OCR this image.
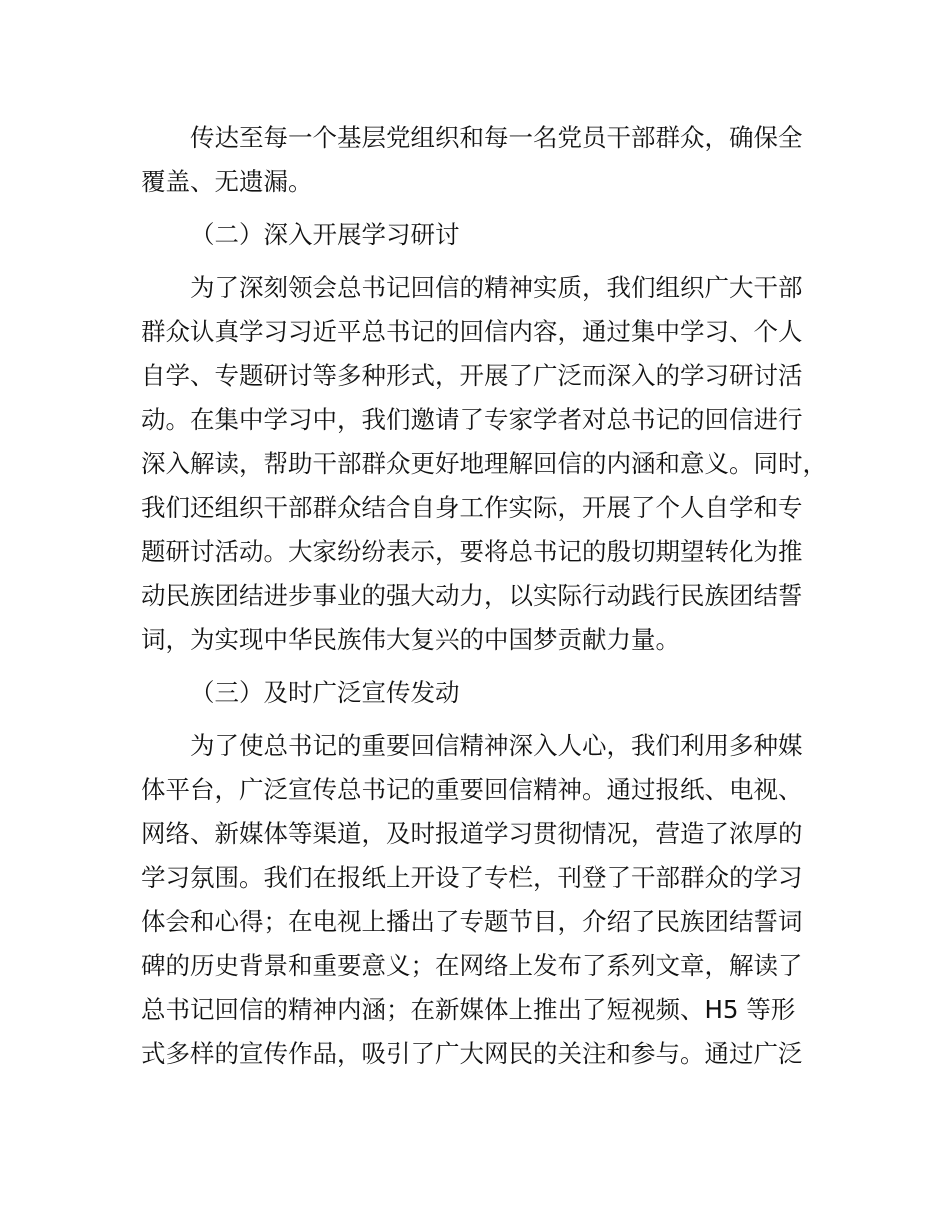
传达至每一个基层党组织和每一名党员干部群众，确保全
覆盖、无遗漏。
（二）深入开展学习研讨
为了深刻领会总书记回信的精神实质，我们组织广大干部
群众认真学习习近平总书记的回信内容，通过集中学习、个人
自学、专题研讨等多种形式，开展了广泛而深入的学习研讨活
动。在集中学习中，我们邀请了专家学者对总书记的回信进行
深入解读，帮助干部群众更好地理解回信的内涵和意义。同时，
我们还组织干部群众结合自身工作实际，开展了个人自学和专
题研讨活动。大家纷纷表示，要将总书记的殷切期望转化为推
动民族团结进步事业的强大动力，以实际行动践行民族团结誓
词，为实现中华民族伟大复兴的中国梦贡献力量。
（三）及时广泛宣传发动
为了使总书记的重要回信精神深入人心，我们利用多种媒
体平台，广泛宣传总书记的重要回信精神。通过报纸、电视、
网络、新媒体等渠道，及时报道学习贯彻情况，营造了浓厚的
学习氛围。我们在报纸上开设了专栏，刊登了干部群众的学习
体会和心得；在电视上播出了专题节目，介绍了民族团结誓词
碑的历史背景和重要意义；在网络上发布了系列文章，解读了
总书记回信的精神内涵；在新媒体上推出了短视频、H5 等形
式多样的宣传作品，吸引了广大网民的关注和参与。通过广泛
